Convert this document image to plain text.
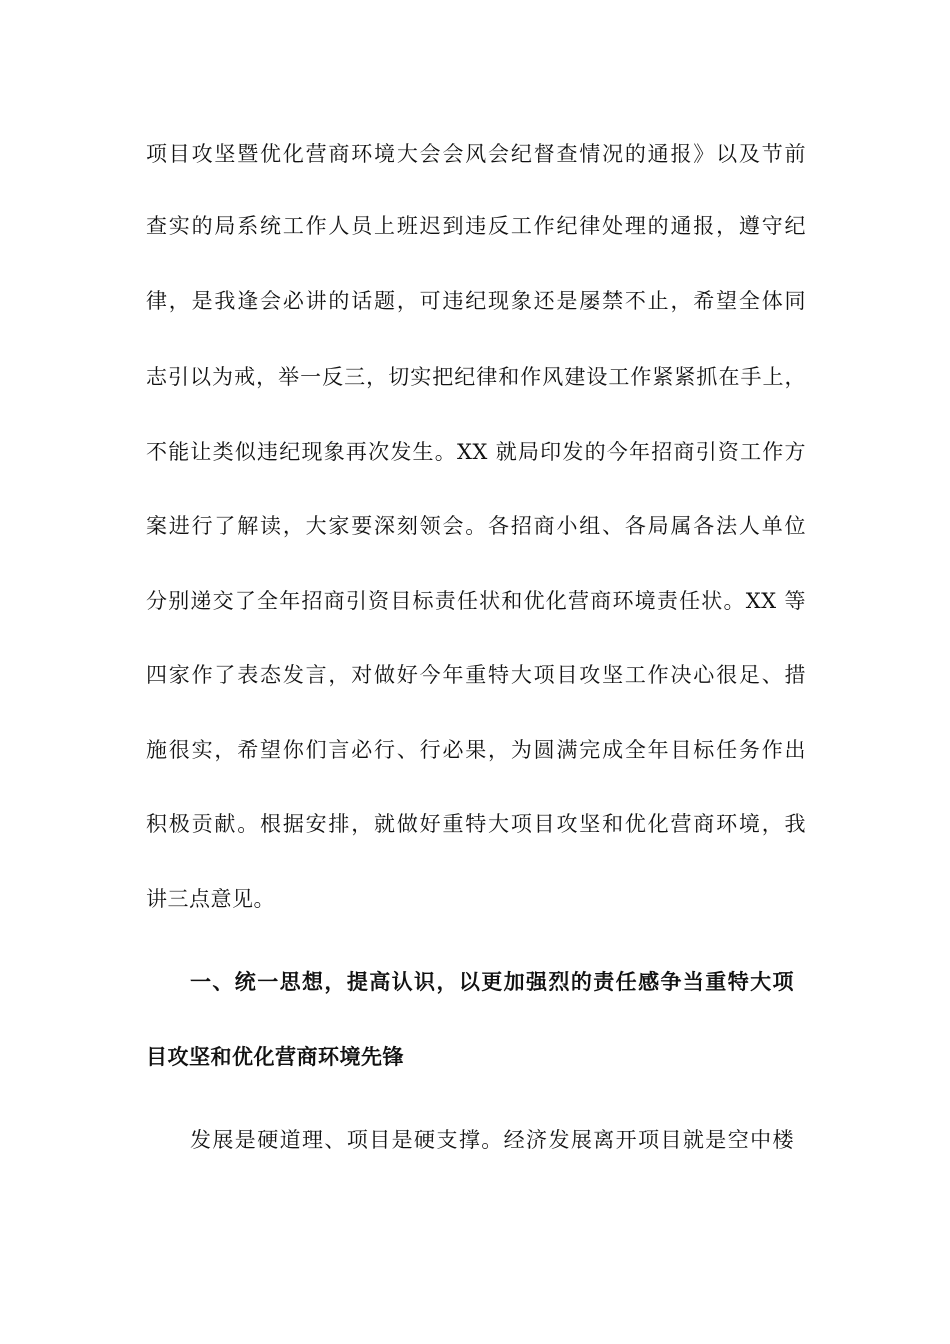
项目攻坚暨优化营商环境大会会风会纪督查情况的通报》以及节前
查实的局系统工作人员上班迟到违反工作纪律处理的通报，遵守纪
律，是我逢会必讲的话题，可违纪现象还是屡禁不止，希望全体同
志引以为戒，举一反三，切实把纪律和作风建设工作紧紧抓在手上，
不能让类似违纪现象再次发生。XX 就局印发的今年招商引资工作方
案进行了解读，大家要深刻领会。各招商小组、各局属各法人单位
分别递交了全年招商引资目标责任状和优化营商环境责任状。XX 等
四家作了表态发言，对做好今年重特大项目攻坚工作决心很足、措
施很实，希望你们言必行、行必果，为圆满完成全年目标任务作出
积极贡献。根据安排，就做好重特大项目攻坚和优化营商环境，我
讲三点意见。
一、统一思想，提高认识，以更加强烈的责任感争当重特大项
目攻坚和优化营商环境先锋
发展是硬道理、项目是硬支撑。经济发展离开项目就是空中楼
